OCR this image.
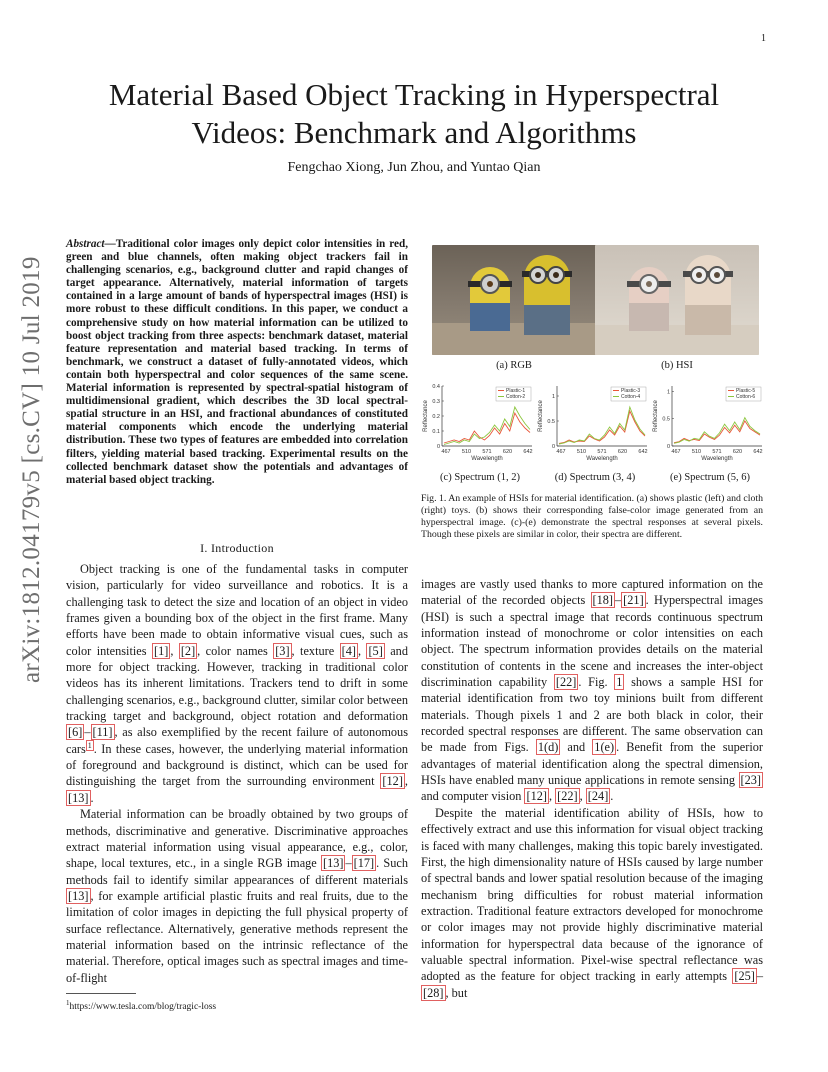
1
arXiv:1812.04179v5 [cs.CV] 10 Jul 2019
Material Based Object Tracking in Hyperspectral
Videos: Benchmark and Algorithms
Fengchao Xiong, Jun Zhou, and Yuntao Qian
Abstract—Traditional color images only depict color intensities in red, green and blue channels, often making object trackers fail in challenging scenarios, e.g., background clutter and rapid changes of target appearance. Alternatively, material information of targets contained in a large amount of bands of hyperspectral images (HSI) is more robust to these difficult conditions. In this paper, we conduct a comprehensive study on how material information can be utilized to boost object tracking from three aspects: benchmark dataset, material feature representation and material based tracking. In terms of benchmark, we construct a dataset of fully-annotated videos, which contain both hyperspectral and color sequences of the same scene. Material information is represented by spectral-spatial histogram of multidimensional gradient, which describes the 3D local spectral-spatial structure in an HSI, and fractional abundances of constituted material components which encode the underlying material distribution. These two types of features are embedded into correlation filters, yielding material based tracking. Experimental results on the collected benchmark dataset show the potentials and advantages of material based object tracking.
I. Introduction

Object tracking is one of the fundamental tasks in computer vision, particularly for video surveillance and robotics. It is a challenging task to detect the size and location of an object in video frames given a bounding box of the object in the first frame. Many efforts have been made to obtain informative visual cues, such as color intensities [1] , [2] , color names [3] , texture [4] , [5] and more for object tracking. However, tracking in traditional color videos has its inherent limitations. Trackers tend to drift in some challenging scenarios, e.g., background clutter, similar color between tracking target and background, object rotation and deformation [6] – [11] , as also exemplified by the recent failure of autonomous cars $^1$ . In these cases, however, the underlying material information of foreground and background is distinct, which can be used for distinguishing the target from the surrounding environment [12] , [13] .

Material information can be broadly obtained by two groups of methods, discriminative and generative. Discriminative approaches extract material information using visual appearance, e.g., color, shape, local textures, etc., in a single RGB image [13] – [17] . Such methods fail to identify similar appearances of different materials [13] , for example artificial plastic fruits and real fruits, due to the limitation of color images in depicting the full physical property of surface reflectance. Alternatively, generative methods represent the material information based on the intrinsic reflectance of the material. Therefore, optical images such as spectral images and time-of-flight

$^1$https://www.tesla.com/blog/tragic-loss
(a) RGB	(b) HSI
0
0.1
0.2
0.3
0.4
467 510 571 620 642
Wavelength
Reflectance
Plastic-1
Cotton-2
0
0.5
1
467 510 571 620 642
Wavelength
Reflectance
Plastic-3
Cotton-4
0
0.5
1
467 510 571 620 642
Wavelength
Reflectance
Plastic-5
Cotton-6
(c) Spectrum (1, 2)	(d) Spectrum (3, 4)	(e) Spectrum (5, 6)
Fig. 1. An example of HSIs for material identification. (a) shows plastic (left) and cloth (right) toys. (b) shows their corresponding false-color image generated from an hyperspectral image. (c)-(e) demonstrate the spectral responses at several pixels. Though these pixels are similar in color, their spectra are different.

images are vastly used thanks to more captured information on the material of the recorded objects [18] – [21] . Hyperspectral images (HSI) is such a spectral image that records continuous spectrum information instead of monochrome or color intensities on each object. The spectrum information provides details on the material constitution of contents in the scene and increases the inter-object discrimination capability [22] . Fig. 1 shows a sample HSI for material identification from two toy minions built from different materials. Though pixels 1 and 2 are both black in color, their recorded spectral responses are different. The same observation can be made from Figs. 1(d) and 1(e) . Benefit from the superior advantages of material identification along the spectral dimension, HSIs have enabled many unique applications in remote sensing [23] and computer vision [12] , [22] , [24] .

Despite the material identification ability of HSIs, how to effectively extract and use this information for visual object tracking is faced with many challenges, making this topic barely investigated. First, the high dimensionality nature of HSIs caused by large number of spectral bands and lower spatial resolution because of the imaging mechanism bring difficulties for robust material information extraction. Traditional feature extractors developed for monochrome or color images may not provide highly discriminative material information for hyperspectral data because of the ignorance of valuable spectral information. Pixel-wise spectral reflectance was adopted as the feature for object tracking in early attempts [25] –[28] , but
